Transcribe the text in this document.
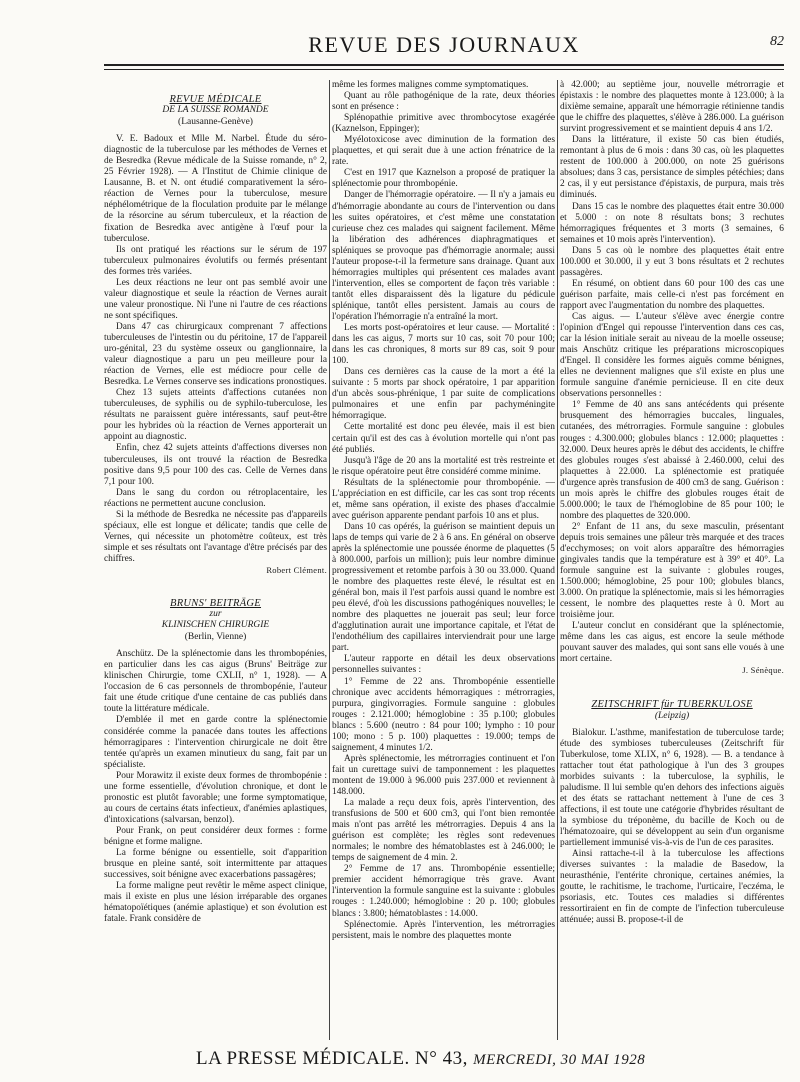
REVUE DES JOURNAUX	82
REVUE MÉDICALE
DE LA SUISSE ROMANDE
(Lausanne-Genève)

V. E. Badoux et Mlle M. Narbel. Étude du séro-diagnostic de la tuberculose par les méthodes de Vernes et de Besredka (Revue médicale de la Suisse romande, n° 2, 25 Février 1928). — A l'Institut de Chimie clinique de Lausanne, B. et N. ont étudié comparativement la séro-réaction de Vernes pour la tuberculose, mesure néphélométrique de la floculation produite par le mélange de la résorcine au sérum tuberculeux, et la réaction de fixation de Besredka avec antigène à l'œuf pour la tuberculose.

Ils ont pratiqué les réactions sur le sérum de 197 tuberculeux pulmonaires évolutifs ou fermés présentant des formes très variées.

Les deux réactions ne leur ont pas semblé avoir une valeur diagnostique et seule la réaction de Vernes aurait une valeur pronostique. Ni l'une ni l'autre de ces réactions ne sont spécifiques.

Dans 47 cas chirurgicaux comprenant 7 affections tuberculeuses de l'intestin ou du péritoine, 17 de l'appareil uro-génital, 23 du système osseux ou ganglionnaire, la valeur diagnostique a paru un peu meilleure pour la réaction de Vernes, elle est médiocre pour celle de Besredka. Le Vernes conserve ses indications pronostiques.

Chez 13 sujets atteints d'affections cutanées non tuberculeuses, de syphilis ou de syphilo-tuberculose, les résultats ne paraissent guère intéressants, sauf peut-être pour les hybrides où la réaction de Vernes apporterait un appoint au diagnostic.

Enfin, chez 42 sujets atteints d'affections diverses non tuberculeuses, ils ont trouvé la réaction de Besredka positive dans 9,5 pour 100 des cas. Celle de Vernes dans 7,1 pour 100.

Dans le sang du cordon ou rétroplacentaire, les réactions ne permettent aucune conclusion.

Si la méthode de Besredka ne nécessite pas d'appareils spéciaux, elle est longue et délicate; tandis que celle de Vernes, qui nécessite un photomètre coûteux, est très simple et ses résultats ont l'avantage d'être précisés par des chiffres.

Robert Clément.

BRUNS' BEITRÄGE
zur
KLINISCHEN CHIRURGIE
(Berlin, Vienne)

Anschütz. De la splénectomie dans les thrombopénies, en particulier dans les cas aigus (Bruns' Beiträge zur klinischen Chirurgie, tome CXLII, n° 1, 1928). — A l'occasion de 6 cas personnels de thrombopénie, l'auteur fait une étude critique d'une centaine de cas publiés dans toute la littérature médicale.

D'emblée il met en garde contre la splénectomie considérée comme la panacée dans toutes les affections hémorragipares : l'intervention chirurgicale ne doit être tentée qu'après un examen minutieux du sang, fait par un spécialiste.

Pour Morawitz il existe deux formes de thrombopénie : une forme essentielle, d'évolution chronique, et dont le pronostic est plutôt favorable; une forme symptomatique, au cours de certains états infectieux, d'anémies aplastiques, d'intoxications (salvarsan, benzol).

Pour Frank, on peut considérer deux formes : forme bénigne et forme maligne.

La forme bénigne ou essentielle, soit d'apparition brusque en pleine santé, soit intermittente par attaques successives, soit bénigne avec exacerbations passagères;

La forme maligne peut revêtir le même aspect clinique, mais il existe en plus une lésion irréparable des organes hématopoïétiques (anémie aplastique) et son évolution est fatale. Frank considère de

même les formes malignes comme symptomatiques.

Quant au rôle pathogénique de la rate, deux théories sont en présence :

Splénopathie primitive avec thrombocytose exagérée (Kaznelson, Eppinger);

Myélotoxicose avec diminution de la formation des plaquettes, et qui serait due à une action frénatrice de la rate.

C'est en 1917 que Kaznelson a proposé de pratiquer la splénectomie pour thrombopénie.

Danger de l'hémorragie opératoire. — Il n'y a jamais eu d'hémorragie abondante au cours de l'intervention ou dans les suites opératoires, et c'est même une constatation curieuse chez ces malades qui saignent facilement. Même la libération des adhérences diaphragmatiques et spléniques se provoque pas d'hémorragie anormale; aussi l'auteur propose-t-il la fermeture sans drainage. Quant aux hémorragies multiples qui présentent ces malades avant l'intervention, elles se comportent de façon très variable : tantôt elles disparaissent dès la ligature du pédicule splénique, tantôt elles persistent. Jamais au cours de l'opération l'hémorragie n'a entraîné la mort.

Les morts post-opératoires et leur cause. — Mortalité : dans les cas aigus, 7 morts sur 10 cas, soit 70 pour 100; dans les cas chroniques, 8 morts sur 89 cas, soit 9 pour 100.

Dans ces dernières cas la cause de la mort a été la suivante : 5 morts par shock opératoire, 1 par apparition d'un abcès sous-phrénique, 1 par suite de complications pulmonaires et une enfin par pachyméningite hémorragique.

Cette mortalité est donc peu élevée, mais il est bien certain qu'il est des cas à évolution mortelle qui n'ont pas été publiés.

Jusqu'à l'âge de 20 ans la mortalité est très restreinte et le risque opératoire peut être considéré comme minime.

Résultats de la splénectomie pour thrombopénie. — L'appréciation en est difficile, car les cas sont trop récents et, même sans opération, il existe des phases d'accalmie avec guérison apparente pendant parfois 10 ans et plus.

Dans 10 cas opérés, la guérison se maintient depuis un laps de temps qui varie de 2 à 6 ans. En général on observe après la splénectomie une poussée énorme de plaquettes (5 à 800.000, parfois un million); puis leur nombre diminue progressivement et retombe parfois à 30 ou 33.000. Quand le nombre des plaquettes reste élevé, le résultat est en général bon, mais il l'est parfois aussi quand le nombre est peu élevé, d'où les discussions pathogéniques nouvelles; le nombre des plaquettes ne jouerait pas seul; leur force d'agglutination aurait une importance capitale, et l'état de l'endothélium des capillaires interviendrait pour une large part.

L'auteur rapporte en détail les deux observations personnelles suivantes :

1° Femme de 22 ans. Thrombopénie essentielle chronique avec accidents hémorragiques : métrorragies, purpura, gingivorragies. Formule sanguine : globules rouges : 2.121.000; hémoglobine : 35 p.100; globules blancs : 5.600 (neutro : 84 pour 100; lympho : 10 pour 100; mono : 5 p. 100) plaquettes : 19.000; temps de saignement, 4 minutes 1/2.

Après splénectomie, les métrorragies continuent et l'on fait un curettage suivi de tamponnement : les plaquettes montent de 19.000 à 96.000 puis 237.000 et reviennent à 148.000.

La malade a reçu deux fois, après l'intervention, des transfusions de 500 et 600 cm3, qui l'ont bien remontée mais n'ont pas arrêté les métrorragies. Depuis 4 ans la guérison est complète; les règles sont redevenues normales; le nombre des hématoblastes est à 246.000; le temps de saignement de 4 min. 2.

2° Femme de 17 ans. Thrombopénie essentielle; premier accident hémorragique très grave. Avant l'intervention la formule sanguine est la suivante : globules rouges : 1.240.000; hémoglobine : 20 p. 100; globules blancs : 3.800; hématoblastes : 14.000.

Splénectomie. Après l'intervention, les métrorragies persistent, mais le nombre des plaquettes monte

à 42.000; au septième jour, nouvelle métrorragie et épistaxis : le nombre des plaquettes monte à 123.000; à la dixième semaine, apparaît une hémorragie rétinienne tandis que le chiffre des plaquettes, s'élève à 286.000. La guérison survint progressivement et se maintient depuis 4 ans 1/2.

Dans la littérature, il existe 50 cas bien étudiés, remontant à plus de 6 mois : dans 30 cas, où les plaquettes restent de 100.000 à 200.000, on note 25 guérisons absolues; dans 3 cas, persistance de simples pétéchies; dans 2 cas, il y eut persistance d'épistaxis, de purpura, mais très diminués.

Dans 15 cas le nombre des plaquettes était entre 30.000 et 5.000 : on note 8 résultats bons; 3 rechutes hémorragiques fréquentes et 3 morts (3 semaines, 6 semaines et 10 mois après l'intervention).

Dans 5 cas où le nombre des plaquettes était entre 100.000 et 30.000, il y eut 3 bons résultats et 2 rechutes passagères.

En résumé, on obtient dans 60 pour 100 des cas une guérison parfaite, mais celle-ci n'est pas forcément en rapport avec l'augmentation du nombre des plaquettes.

Cas aigus. — L'auteur s'élève avec énergie contre l'opinion d'Engel qui repousse l'intervention dans ces cas, car la lésion initiale serait au niveau de la moelle osseuse; mais Anschütz critique les préparations microscopiques d'Engel. Il considère les formes aiguës comme bénignes, elles ne deviennent malignes que s'il existe en plus une formule sanguine d'anémie pernicieuse. Il en cite deux observations personnelles :

1° Femme de 40 ans sans antécédents qui présente brusquement des hémorragies buccales, linguales, cutanées, des métrorragies. Formule sanguine : globules rouges : 4.300.000; globules blancs : 12.000; plaquettes : 32.000. Deux heures après le début des accidents, le chiffre des globules rouges s'est abaissé à 2.460.000, celui des plaquettes à 22.000. La splénectomie est pratiquée d'urgence après transfusion de 400 cm3 de sang. Guérison : un mois après le chiffre des globules rouges était de 5.000.000; le taux de l'hémoglobine de 85 pour 100; le nombre des plaquettes de 320.000.

2° Enfant de 11 ans, du sexe masculin, présentant depuis trois semaines une pâleur très marquée et des traces d'ecchymoses; on voit alors apparaître des hémorragies gingivales tandis que la température est à 39° et 40°. La formule sanguine est la suivante : globules rouges, 1.500.000; hémoglobine, 25 pour 100; globules blancs, 3.000. On pratique la splénectomie, mais si les hémorragies cessent, le nombre des plaquettes reste à 0. Mort au troisième jour.

L'auteur conclut en considérant que la splénectomie, même dans les cas aigus, est encore la seule méthode pouvant sauver des malades, qui sont sans elle voués à une mort certaine.

J. Sénèque.

ZEITSCHRIFT für TUBERKULOSE
(Leipzig)

Bialokur. L'asthme, manifestation de tuberculose tarde; étude des symbioses tuberculeuses (Zeitschrift für Tuberkulose, tome XLIX, n° 6, 1928). — B. a tendance à rattacher tout état pathologique à l'un des 3 groupes morbides suivants : la tuberculose, la syphilis, le paludisme. Il lui semble qu'en dehors des infections aiguës et des états se rattachant nettement à l'une de ces 3 affections, il est toute une catégorie d'hybrides résultant de la symbiose du tréponème, du bacille de Koch ou de l'hématozoaire, qui se développent au sein d'un organisme partiellement immunisé vis-à-vis de l'un de ces parasites.

Ainsi rattache-t-il à la tuberculose les affections diverses suivantes : la maladie de Basedow, la neurasthénie, l'entérite chronique, certaines anémies, la goutte, le rachitisme, le trachome, l'urticaire, l'eczéma, le psoriasis, etc. Toutes ces maladies si différentes ressortiraient en fin de compte de l'infection tuberculeuse atténuée; aussi B. propose-t-il de

LA PRESSE MÉDICALE. N° 43, MERCREDI, 30 MAI 1928
